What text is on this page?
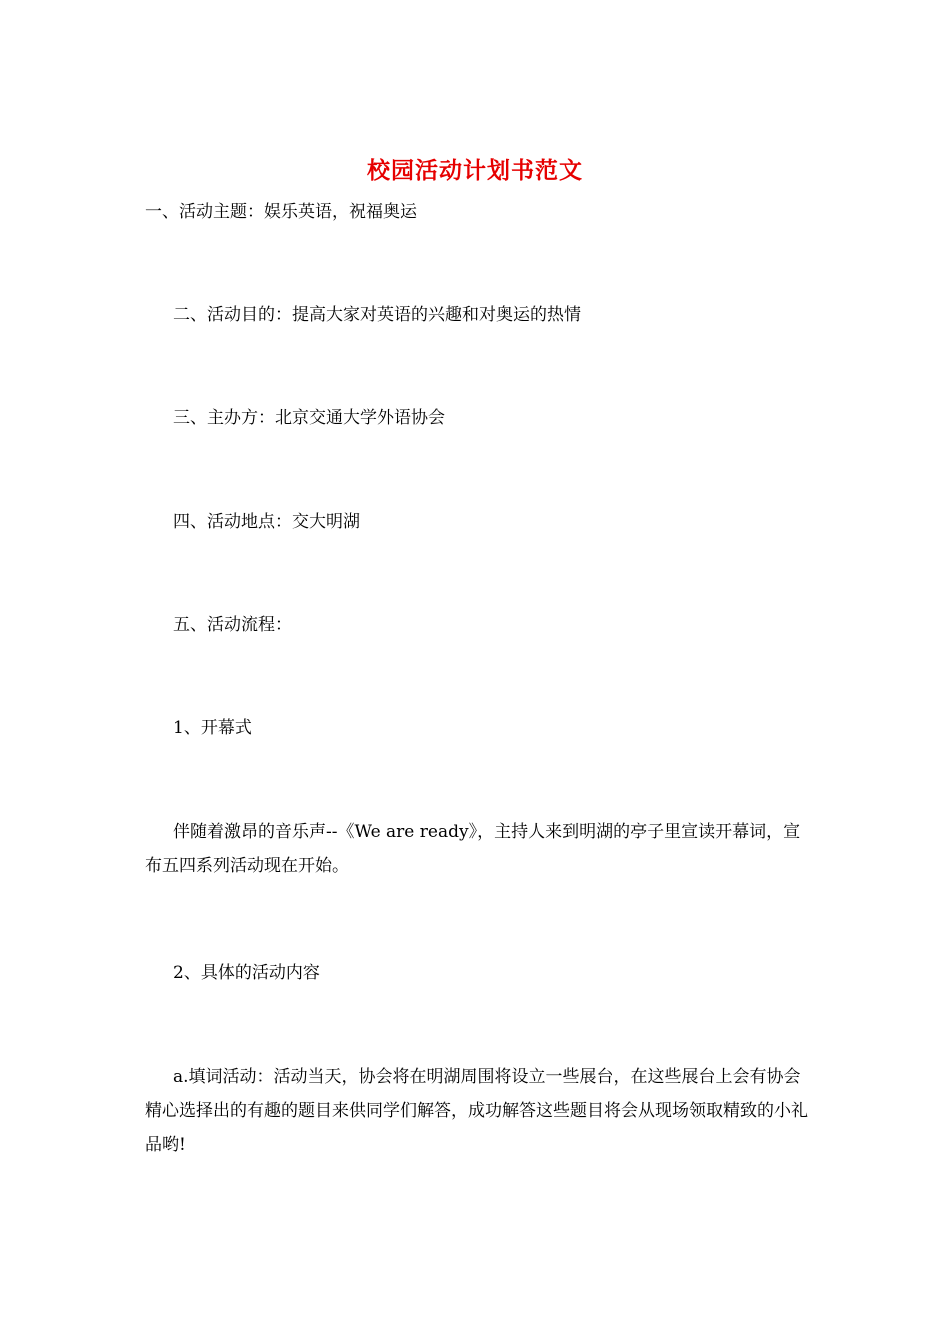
校园活动计划书范文
一、活动主题：娱乐英语，祝福奥运
二、活动目的：提高大家对英语的兴趣和对奥运的热情
三、主办方：北京交通大学外语协会
四、活动地点：交大明湖
五、活动流程：
1、开幕式
伴随着激昂的音乐声--《We are ready》，主持人来到明湖的亭子里宣读开幕词，宣布五四系列活动现在开始。
2、具体的活动内容
a.填词活动：活动当天，协会将在明湖周围将设立一些展台，在这些展台上会有协会精心选择出的有趣的题目来供同学们解答，成功解答这些题目将会从现场领取精致的小礼品哟!
